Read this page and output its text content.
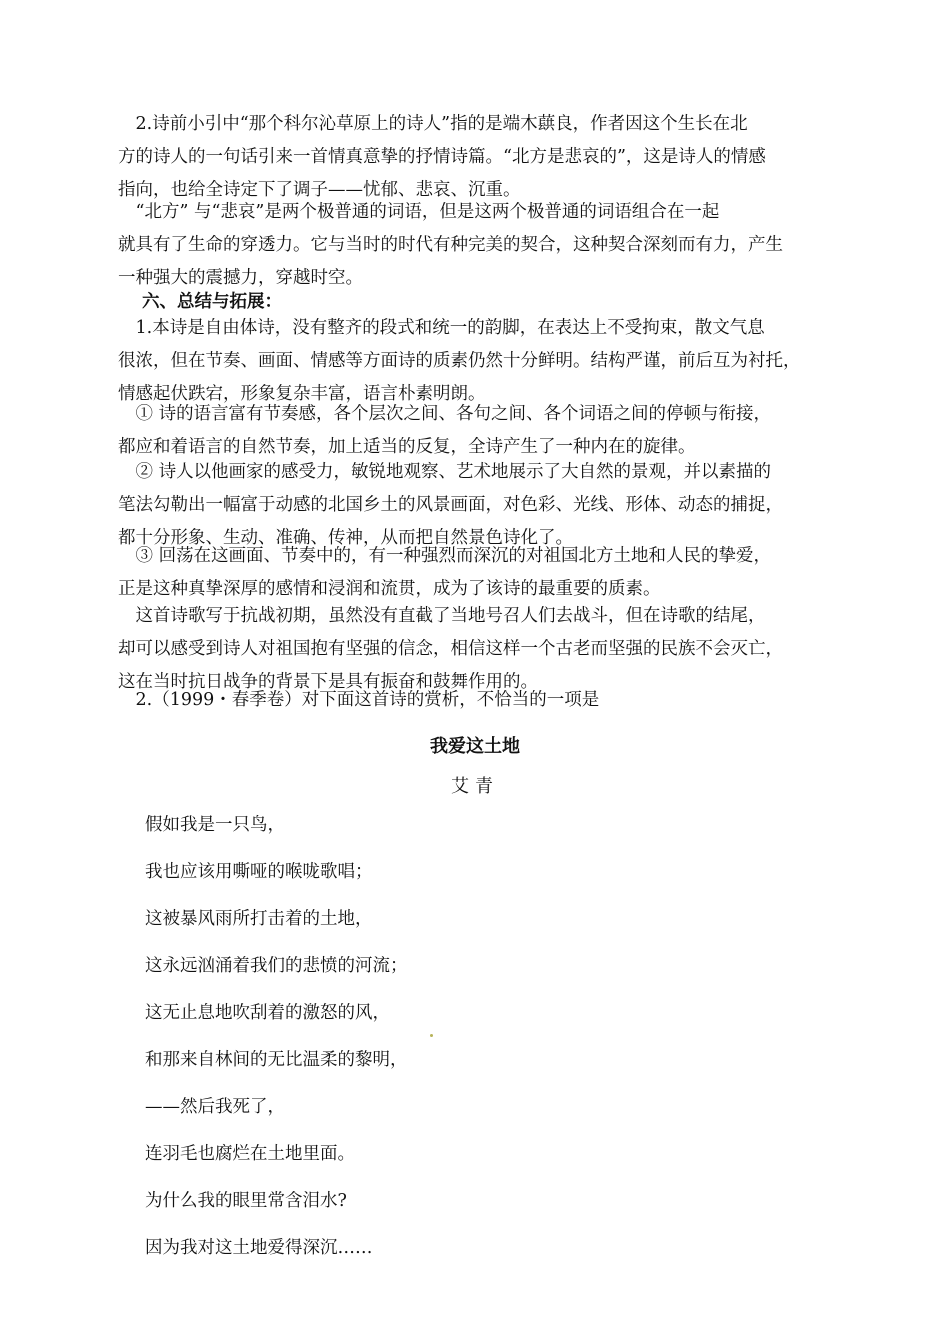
　2.诗前小引中“那个科尔沁草原上的诗人”指的是端木蕻良，作者因这个生长在北
方的诗人的一句话引来一首情真意挚的抒情诗篇。“北方是悲哀的”，这是诗人的情感
指向，也给全诗定下了调子——忧郁、悲哀、沉重。
　“北方” 与“悲哀”是两个极普通的词语，但是这两个极普通的词语组合在一起
就具有了生命的穿透力。它与当时的时代有种完美的契合，这种契合深刻而有力，产生
一种强大的震撼力，穿越时空。
六、总结与拓展：
　1.本诗是自由体诗，没有整齐的段式和统一的韵脚，在表达上不受拘束，散文气息
很浓，但在节奏、画面、情感等方面诗的质素仍然十分鲜明。结构严谨，前后互为衬托，
情感起伏跌宕，形象复杂丰富，语言朴素明朗。
　① 诗的语言富有节奏感，各个层次之间、各句之间、各个词语之间的停顿与衔接，
都应和着语言的自然节奏，加上适当的反复，全诗产生了一种内在的旋律。
　② 诗人以他画家的感受力，敏锐地观察、艺术地展示了大自然的景观，并以素描的
笔法勾勒出一幅富于动感的北国乡土的风景画面，对色彩、光线、形体、动态的捕捉，
都十分形象、生动、准确、传神，从而把自然景色诗化了。
　③ 回荡在这画面、节奏中的，有一种强烈而深沉的对祖国北方土地和人民的挚爱，
正是这种真挚深厚的感情和浸润和流贯，成为了该诗的最重要的质素。
　这首诗歌写于抗战初期，虽然没有直截了当地号召人们去战斗，但在诗歌的结尾，
却可以感受到诗人对祖国抱有坚强的信念，相信这样一个古老而坚强的民族不会灭亡，
这在当时抗日战争的背景下是具有振奋和鼓舞作用的。
　2.（1999・春季卷）对下面这首诗的赏析，不恰当的一项是
我爱这土地
艾青
假如我是一只鸟，
我也应该用嘶哑的喉咙歌唱；
这被暴风雨所打击着的土地，
这永远汹涌着我们的悲愤的河流；
这无止息地吹刮着的激怒的风，
和那来自林间的无比温柔的黎明，
——然后我死了，
连羽毛也腐烂在土地里面。
为什么我的眼里常含泪水?
因为我对这土地爱得深沉……
